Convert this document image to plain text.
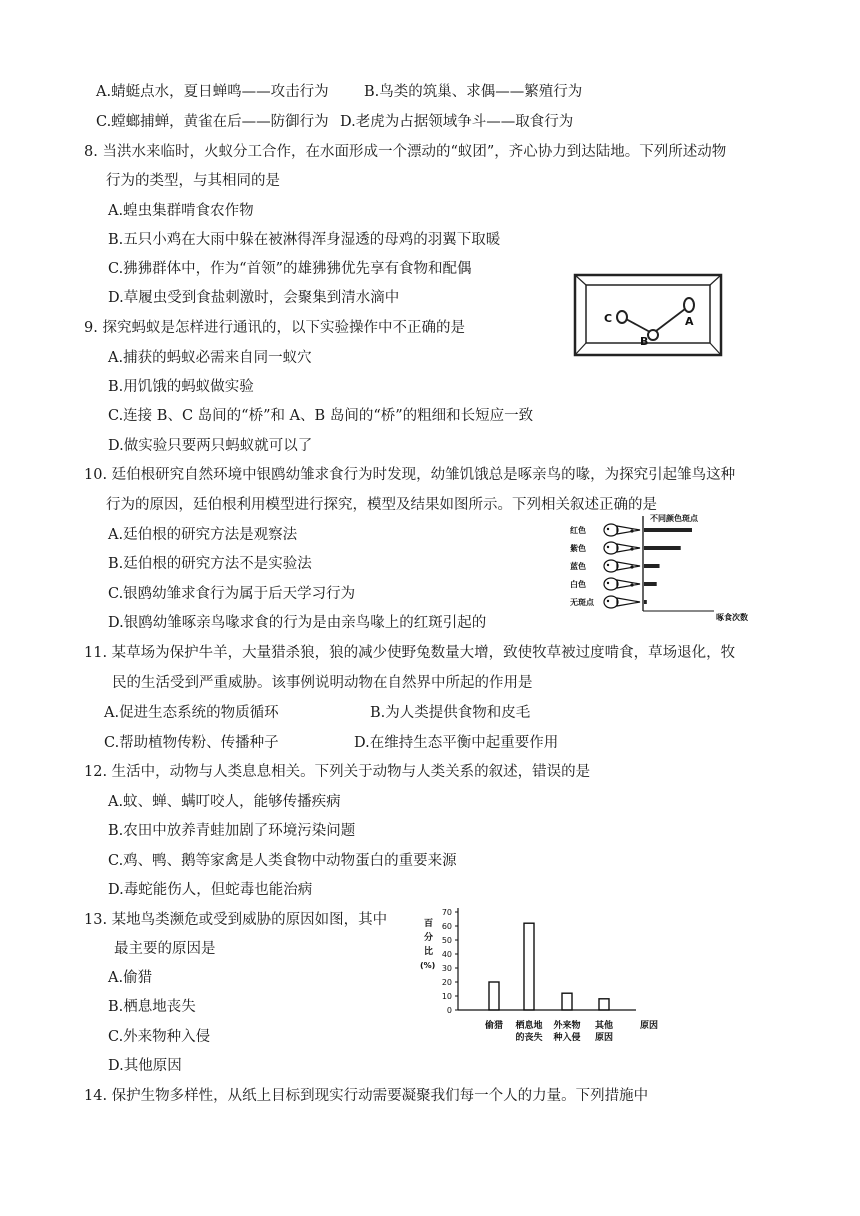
A.蜻蜓点水，夏日蝉鸣——攻击行为 B.鸟类的筑巢、求偶——繁殖行为
C.螳螂捕蝉，黄雀在后——防御行为 D.老虎为占据领域争斗——取食行为
8. 当洪水来临时，火蚁分工合作，在水面形成一个漂动的“蚁团”，齐心协力到达陆地。下列所述动物
行为的类型，与其相同的是
A.蝗虫集群啃食农作物
B.五只小鸡在大雨中躲在被淋得浑身湿透的母鸡的羽翼下取暖
C.狒狒群体中，作为“首领”的雄狒狒优先享有食物和配偶
D.草履虫受到食盐刺激时，会聚集到清水滴中
C
B
A
9. 探究蚂蚁是怎样进行通讯的，以下实验操作中不正确的是
A.捕获的蚂蚁必需来自同一蚁穴
B.用饥饿的蚂蚁做实验
C.连接 B、C 岛间的“桥”和 A、B 岛间的“桥”的粗细和长短应一致
D.做实验只要两只蚂蚁就可以了
10. 廷伯根研究自然环境中银鸥幼雏求食行为时发现，幼雏饥饿总是啄亲鸟的喙，为探究引起雏鸟这种
行为的原因，廷伯根利用模型进行探究，模型及结果如图所示。下列相关叙述正确的是
A.廷伯根的研究方法是观察法
B.廷伯根的研究方法不是实验法
C.银鸥幼雏求食行为属于后天学习行为
D.银鸥幼雏啄亲鸟喙求食的行为是由亲鸟喙上的红斑引起的
不同颜色斑点
啄食次数
红色
紫色
蓝色
白色
无斑点
11. 某草场为保护牛羊，大量猎杀狼，狼的减少使野兔数量大增，致使牧草被过度啃食，草场退化，牧
民的生活受到严重威胁。该事例说明动物在自然界中所起的作用是
A.促进生态系统的物质循环	B.为人类提供食物和皮毛
C.帮助植物传粉、传播种子	D.在维持生态平衡中起重要作用
12. 生活中，动物与人类息息相关。下列关于动物与人类关系的叙述，错误的是
A.蚊、蝉、螨叮咬人，能够传播疾病
B.农田中放养青蛙加剧了环境污染问题
C.鸡、鸭、鹅等家禽是人类食物中动物蛋白的重要来源
D.毒蛇能伤人，但蛇毒也能治病
13. 某地鸟类濒危或受到威胁的原因如图，其中
最主要的原因是
A.偷猎
B.栖息地丧失
C.外来物种入侵
D.其他原因
百
分
比
(%)
0
10
20
30
40
50
60
70
偷猎 栖息地
的丧失
外来物
种入侵
其他
原因
原因
14. 保护生物多样性，从纸上目标到现实行动需要凝聚我们每一个人的力量。下列措施中
